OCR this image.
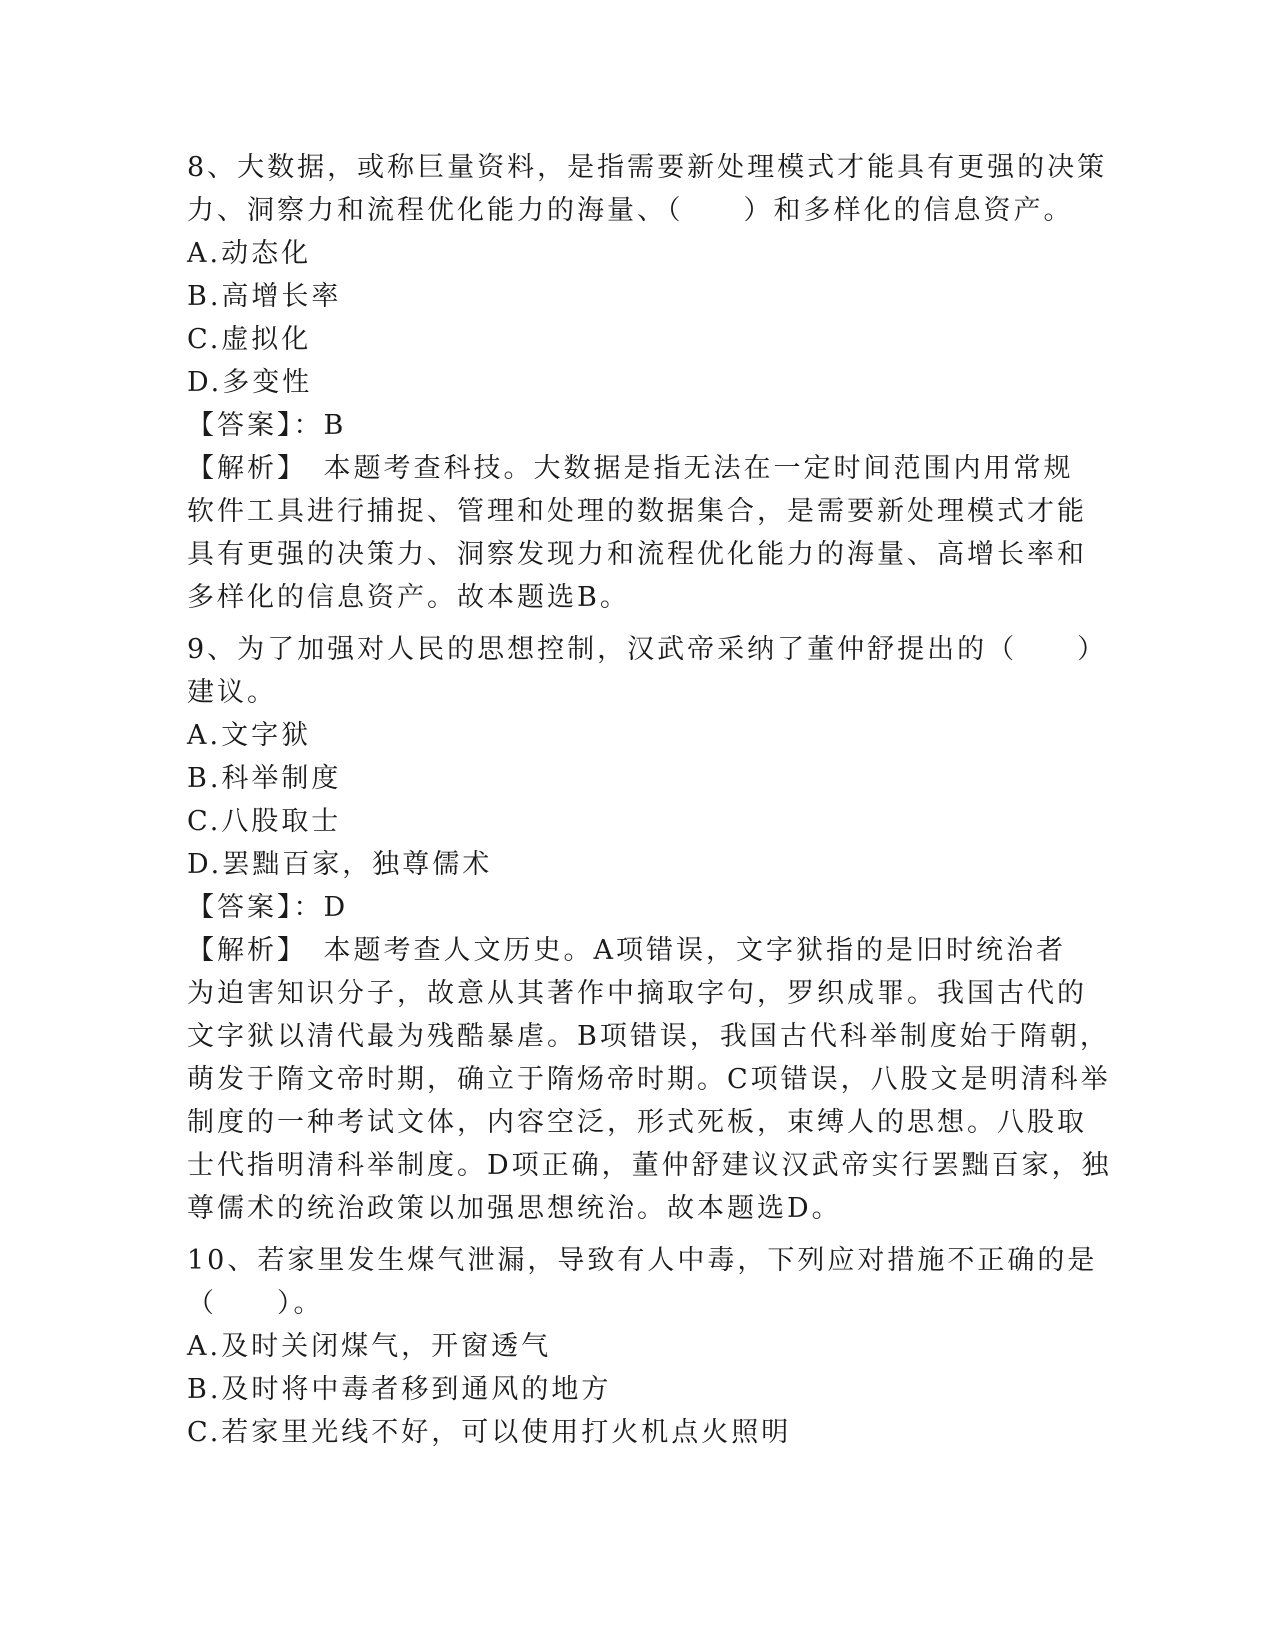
8、大数据，或称巨量资料，是指需要新处理模式才能具有更强的决策
力、洞察力和流程优化能力的海量、（　　）和多样化的信息资产。
A.动态化
B.高增长率
C.虚拟化
D.多变性
【答案】：B
【解析】　本题考查科技。大数据是指无法在一定时间范围内用常规
软件工具进行捕捉、管理和处理的数据集合，是需要新处理模式才能
具有更强的决策力、洞察发现力和流程优化能力的海量、高增长率和
多样化的信息资产。故本题选B。
9、为了加强对人民的思想控制，汉武帝采纳了董仲舒提出的（　　）
建议。
A.文字狱
B.科举制度
C.八股取士
D.罢黜百家，独尊儒术
【答案】：D
【解析】　本题考查人文历史。A项错误，文字狱指的是旧时统治者
为迫害知识分子，故意从其著作中摘取字句，罗织成罪。我国古代的
文字狱以清代最为残酷暴虐。B项错误，我国古代科举制度始于隋朝，
萌发于隋文帝时期，确立于隋炀帝时期。C项错误，八股文是明清科举
制度的一种考试文体，内容空泛，形式死板，束缚人的思想。八股取
士代指明清科举制度。D项正确，董仲舒建议汉武帝实行罢黜百家，独
尊儒术的统治政策以加强思想统治。故本题选D。
10、若家里发生煤气泄漏，导致有人中毒，下列应对措施不正确的是
（　　）。
A.及时关闭煤气，开窗透气
B.及时将中毒者移到通风的地方
C.若家里光线不好，可以使用打火机点火照明
